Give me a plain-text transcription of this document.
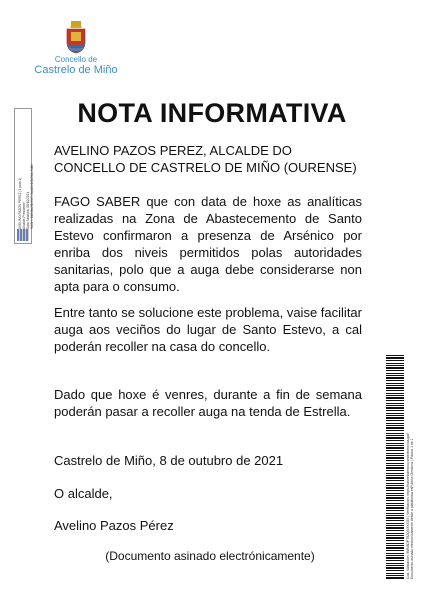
Concello de
Castrelo de Miño
AVELINO PAZOS PEREZ (1 para 1) Alcalde-Presidente Data Sinatura: 08/10/2021 HASH: 5d6c8a2f1e9b7c3a4d0e1f2a3b4c5d6e
NOTA INFORMATIVA
AVELINO PAZOS PEREZ, ALCALDE DO CONCELLO DE CASTRELO DE MIÑO (OURENSE)
FAGO SABER que con data de hoxe as analíticas realizadas na Zona de Abastecemento de Santo Estevo confirmaron a presenza de Arsénico por enriba dos niveis permitidos polas autoridades sanitarias, polo que a auga debe considerarse non apta para o consumo.
Entre tanto se solucione este problema, vaise facilitar auga aos veciños do lugar de Santo Estevo, a cal poderán recoller na casa do concello.
Dado que hoxe é venres, durante a fin de semana poderán pasar a recoller auga na tenda de Estrella.
Castrelo de Miño, 8 de outubro de 2021
O alcalde,
Avelino Pazos Pérez
(Documento asinado electrónicamente)	Cod. Validación: 9MN3DPT9ZQXXXXXX | Verificación: https://castrelodemino.sedelectronica.gal/ Documento asinado electrónicamente desde a plataforma esPublico Gestiona | Páxina 1 de 1
